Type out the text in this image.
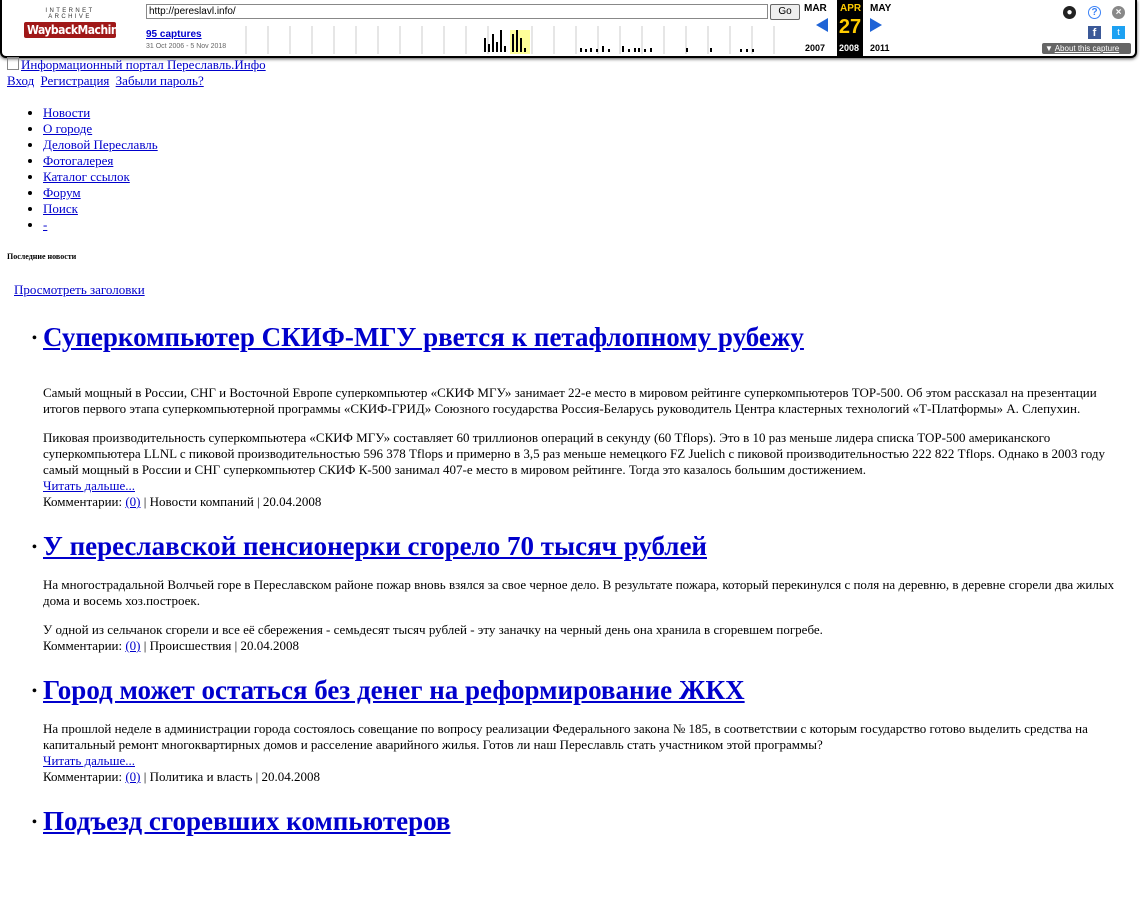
INTERNET ARCHIVE
WaybackMachine
http://pereslavl.info/
Go
95 captures
31 Oct 2006 - 5 Nov 2018
MAR APR MAY
27
2007 2008 2011
●	?	×
f	t
▼ About this capture
Информационный портал Переславль.Инфо
Вход Регистрация Забыли пароль?
• Новости
• О городе
• Деловой Переславль
• Фотогалерея
• Каталог ссылок
• Форум
• Поиск
• -
Последние новости
Просмотреть заголовки
• Суперкомпьютер СКИФ-МГУ рвется к петафлопному рубежу

Самый мощный в России, СНГ и Восточной Европе суперкомпьютер «СКИФ МГУ» занимает 22-е место в мировом рейтинге суперкомпьютеров TOP-500. Об этом рассказал на презентации итогов первого этапа суперкомпьютерной программы «СКИФ-ГРИД» Союзного государства Россия-Беларусь руководитель Центра кластерных технологий «Т-Платформы» А. Слепухин.

Пиковая производительность суперкомпьютера «СКИФ МГУ» составляет 60 триллионов операций в секунду (60 Tflops). Это в 10 раз меньше лидера списка TOP-500 американского суперкомпьютера LLNL с пиковой производительностью 596 378 Tflops и примерно в 3,5 раз меньше немецкого FZ Juelich с пиковой производительностью 222 822 Tflops. Однако в 2003 году самый мощный в России и СНГ суперкомпьютер СКИФ К-500 занимал 407-е место в мировом рейтинге. Тогда это казалось большим достижением.

Читать дальше...
Комментарии: (0) | Новости компаний | 20.04.2008
• У переславской пенсионерки сгорело 70 тысяч рублей

На многострадальной Волчьей горе в Переславском районе пожар вновь взялся за свое черное дело. В результате пожара, который перекинулся с поля на деревню, в деревне сгорели два жилых дома и восемь хоз.построек.

У одной из сельчанок сгорели и все её сбережения - семьдесят тысяч рублей - эту заначку на черный день она хранила в сгоревшем погребе.

Комментарии: (0) | Происшествия | 20.04.2008
• Город может остаться без денег на реформирование ЖКХ

На прошлой неделе в администрации города состоялось совещание по вопросу реализации Федерального закона № 185, в соответствии с которым государство готово выделить средства на капитальный ремонт многоквартирных домов и расселение аварийного жилья. Готов ли наш Переславль стать участником этой программы?

Читать дальше...
Комментарии: (0) | Политика и власть | 20.04.2008
• Подъезд сгоревших компьютеров
